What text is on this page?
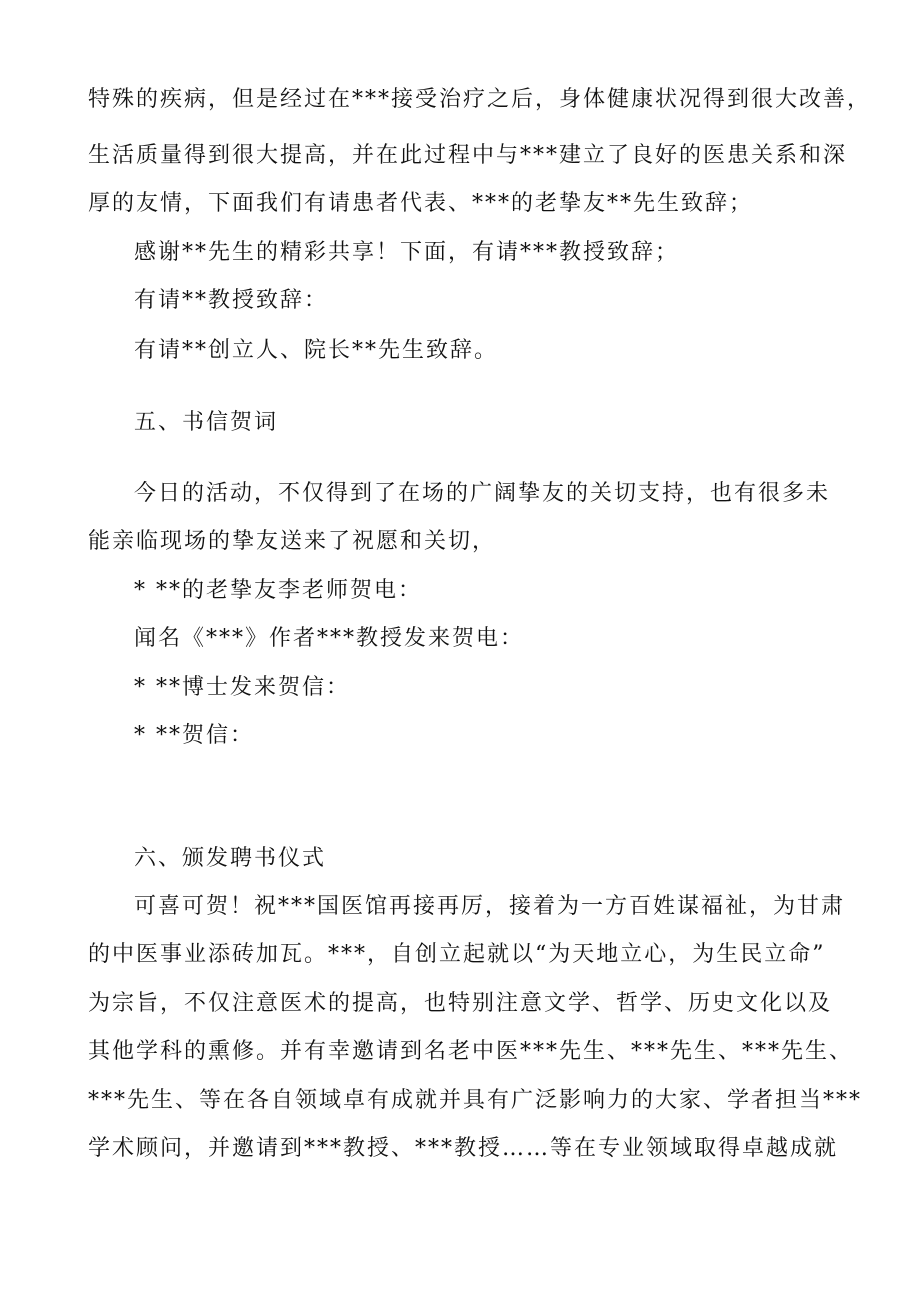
特殊的疾病，但是经过在***接受治疗之后，身体健康状况得到很大改善，
生活质量得到很大提高，并在此过程中与***建立了良好的医患关系和深
厚的友情，下面我们有请患者代表、***的老挚友**先生致辞；
感谢**先生的精彩共享！下面，有请***教授致辞；
有请**教授致辞：
有请**创立人、院长**先生致辞。
五、书信贺词
今日的活动，不仅得到了在场的广阔挚友的关切支持，也有很多未
能亲临现场的挚友送来了祝愿和关切，
* **的老挚友李老师贺电：
闻名《***》作者***教授发来贺电：
* **博士发来贺信：
* **贺信：
六、颁发聘书仪式
可喜可贺！祝***国医馆再接再厉，接着为一方百姓谋福祉，为甘肃
的中医事业添砖加瓦。***，自创立起就以“为天地立心，为生民立命”
为宗旨，不仅注意医术的提高，也特别注意文学、哲学、历史文化以及
其他学科的熏修。并有幸邀请到名老中医***先生、***先生、***先生、
***先生、等在各自领域卓有成就并具有广泛影响力的大家、学者担当***
学术顾问，并邀请到***教授、***教授……等在专业领域取得卓越成就
